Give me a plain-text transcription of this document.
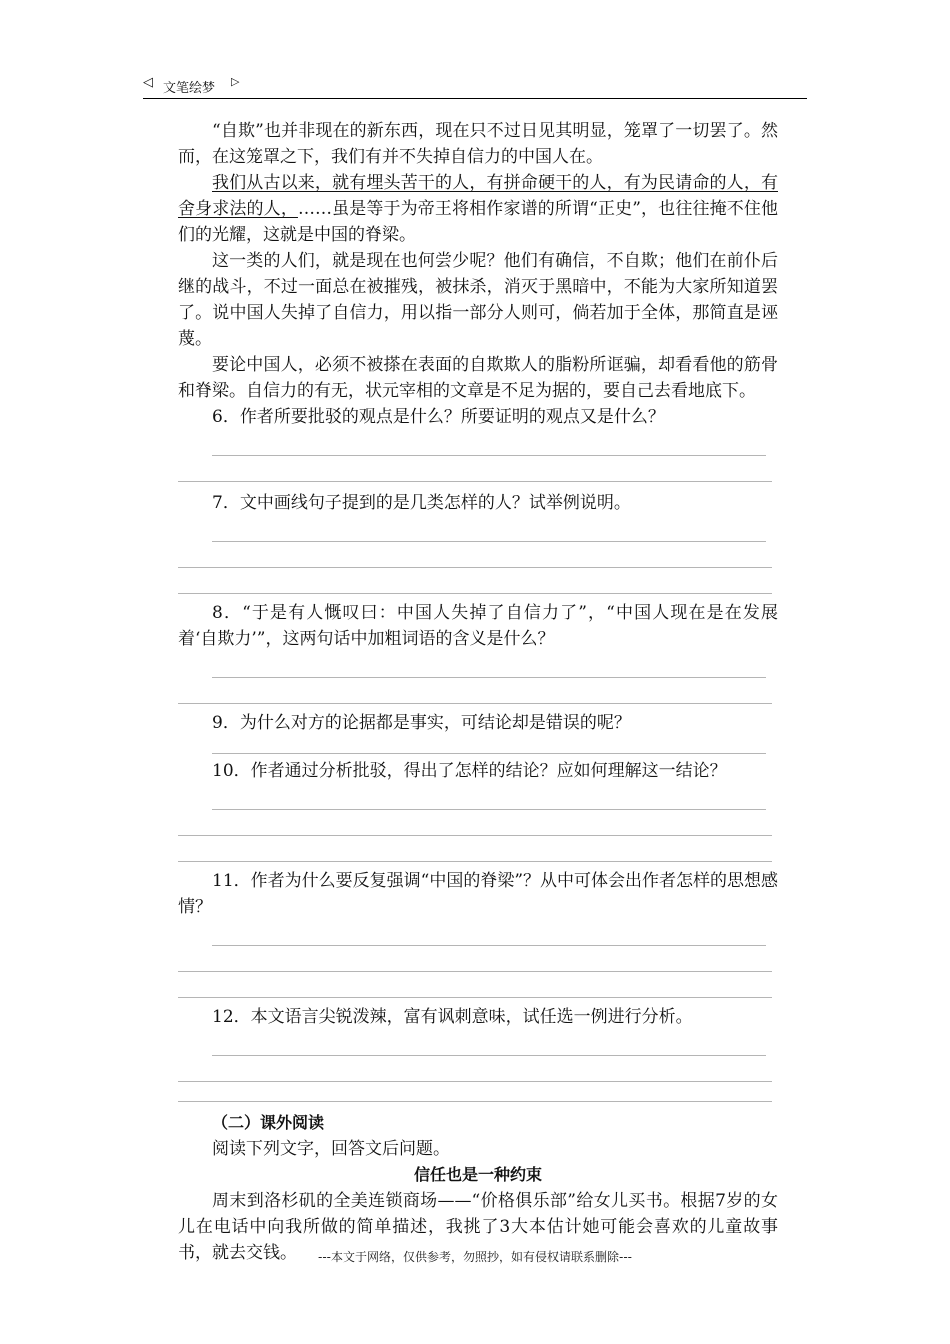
◁ 文笔绘梦 ▷

“自欺”也并非现在的新东西，现在只不过日见其明显，笼罩了一切罢了。然而，在这笼罩之下，我们有并不失掉自信力的中国人在。

我们从古以来，就有埋头苦干的人，有拼命硬干的人，有为民请命的人，有舍身求法的人，……虽是等于为帝王将相作家谱的所谓“正史”，也往往掩不住他们的光耀，这就是中国的脊梁。

这一类的人们，就是现在也何尝少呢？他们有确信，不自欺；他们在前仆后继的战斗，不过一面总在被摧残，被抹杀，消灭于黑暗中，不能为大家所知道罢了。说中国人失掉了自信力，用以指一部分人则可，倘若加于全体，那简直是诬蔑。

要论中国人，必须不被搽在表面的自欺欺人的脂粉所诓骗，却看看他的筋骨和脊梁。自信力的有无，状元宰相的文章是不足为据的，要自己去看地底下。

6．作者所要批驳的观点是什么？所要证明的观点又是什么？

7．文中画线句子提到的是几类怎样的人？试举例说明。

8．“于是有人慨叹曰：中国人失掉了自信力了”，“中国人现在是在发展着‘自欺力’”，这两句话中加粗词语的含义是什么？

9．为什么对方的论据都是事实，可结论却是错误的呢？

10．作者通过分析批驳，得出了怎样的结论？应如何理解这一结论？

11．作者为什么要反复强调“中国的脊梁”？从中可体会出作者怎样的思想感情？

12．本文语言尖锐泼辣，富有讽刺意味，试任选一例进行分析。

（二）课外阅读

阅读下列文字，回答文后问题。

信任也是一种约束

周末到洛杉矶的全美连锁商场——“价格俱乐部”给女儿买书。根据7岁的女儿在电话中向我所做的简单描述，我挑了3大本估计她可能会喜欢的儿童故事书，就去交钱。	---本文于网络，仅供参考，勿照抄，如有侵权请联系删除---
